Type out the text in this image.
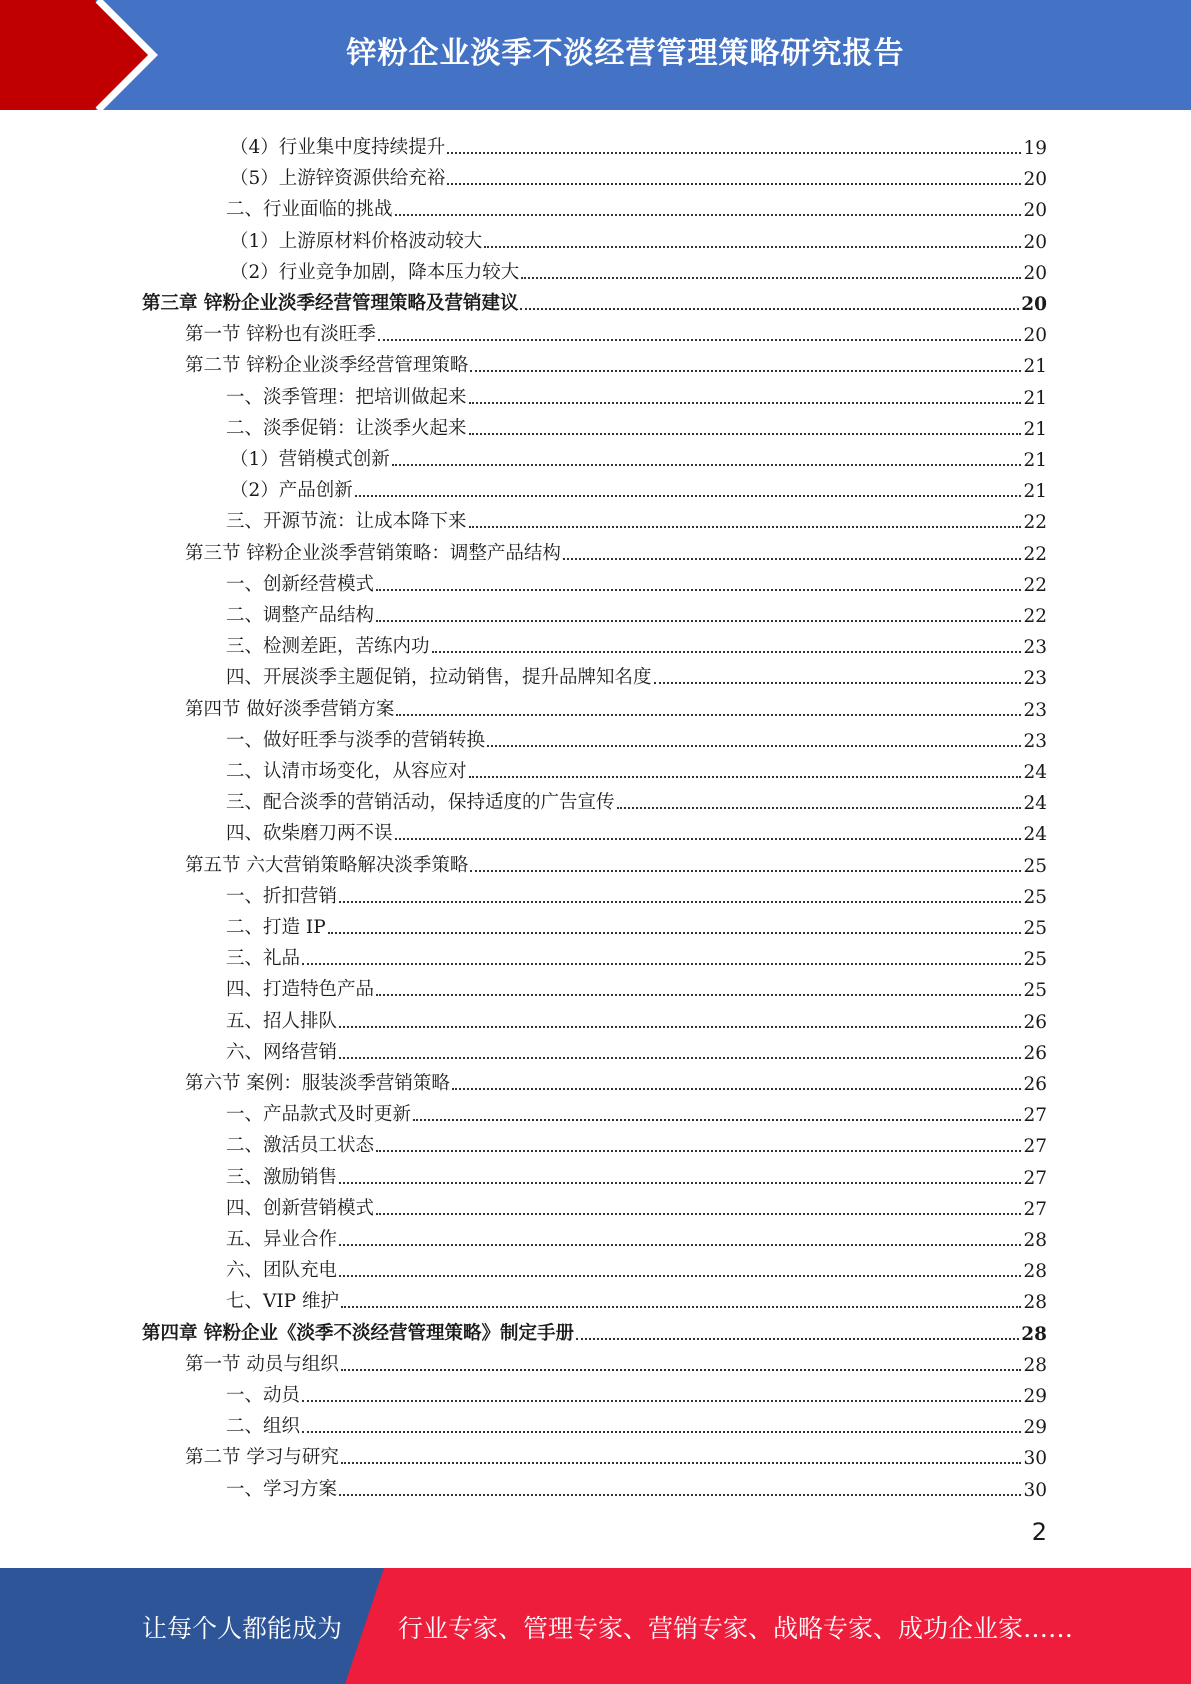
锌粉企业淡季不淡经营管理策略研究报告
（4）行业集中度持续提升	19
（5）上游锌资源供给充裕	20
二、行业面临的挑战	20
（1）上游原材料价格波动较大	20
（2）行业竞争加剧，降本压力较大	20
第三章 锌粉企业淡季经营管理策略及营销建议	20
第一节 锌粉也有淡旺季	20
第二节 锌粉企业淡季经营管理策略	21
一、淡季管理：把培训做起来	21
二、淡季促销：让淡季火起来	21
（1）营销模式创新	21
（2）产品创新	21
三、开源节流：让成本降下来	22
第三节 锌粉企业淡季营销策略：调整产品结构	22
一、创新经营模式	22
二、调整产品结构	22
三、检测差距，苦练内功	23
四、开展淡季主题促销，拉动销售，提升品牌知名度	23
第四节 做好淡季营销方案	23
一、做好旺季与淡季的营销转换	23
二、认清市场变化，从容应对	24
三、配合淡季的营销活动，保持适度的广告宣传	24
四、砍柴磨刀两不误	24
第五节 六大营销策略解决淡季策略	25
一、折扣营销	25
二、打造 IP	25
三、礼品	25
四、打造特色产品	25
五、招人排队	26
六、网络营销	26
第六节 案例：服装淡季营销策略	26
一、产品款式及时更新	27
二、激活员工状态	27
三、激励销售	27
四、创新营销模式	27
五、异业合作	28
六、团队充电	28
七、VIP 维护	28
第四章 锌粉企业《淡季不淡经营管理策略》制定手册	28
第一节 动员与组织	28
一、动员	29
二、组织	29
第二节 学习与研究	30
一、学习方案	30
2
让每个人都能成为 行业专家、管理专家、营销专家、战略专家、成功企业家……
